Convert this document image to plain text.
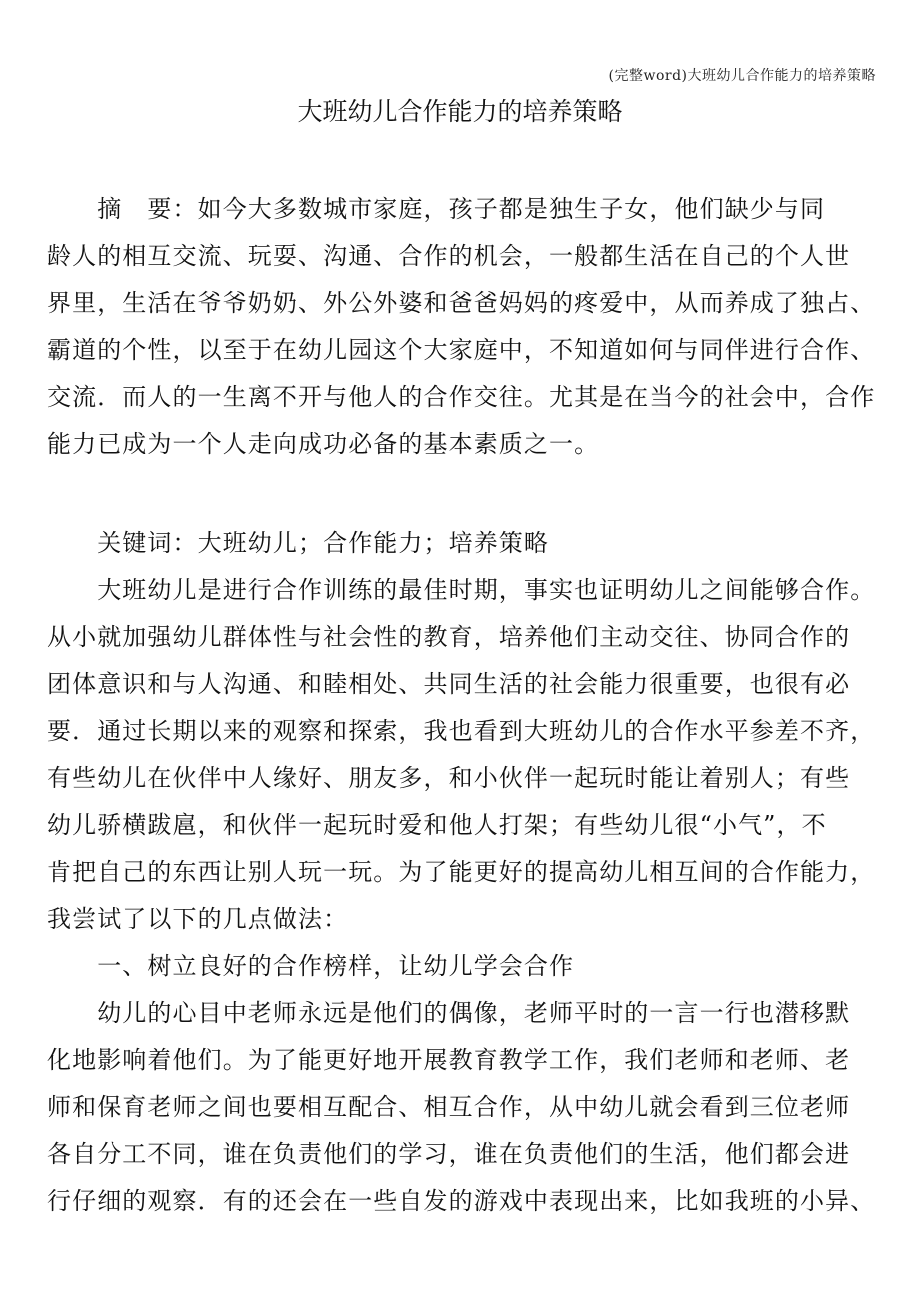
(完整word)大班幼儿合作能力的培养策略
大班幼儿合作能力的培养策略
　　摘　要：如今大多数城市家庭，孩子都是独生子女，他们缺少与同
龄人的相互交流、玩耍、沟通、合作的机会，一般都生活在自己的个人世
界里，生活在爷爷奶奶、外公外婆和爸爸妈妈的疼爱中，从而养成了独占、
霸道的个性，以至于在幼儿园这个大家庭中，不知道如何与同伴进行合作、
交流．而人的一生离不开与他人的合作交往。尤其是在当今的社会中，合作
能力已成为一个人走向成功必备的基本素质之一。
　　关键词：大班幼儿；合作能力；培养策略
　　大班幼儿是进行合作训练的最佳时期，事实也证明幼儿之间能够合作。
从小就加强幼儿群体性与社会性的教育，培养他们主动交往、协同合作的
团体意识和与人沟通、和睦相处、共同生活的社会能力很重要，也很有必
要．通过长期以来的观察和探索，我也看到大班幼儿的合作水平参差不齐，
有些幼儿在伙伴中人缘好、朋友多，和小伙伴一起玩时能让着别人；有些
幼儿骄横跋扈，和伙伴一起玩时爱和他人打架；有些幼儿很“小气”，不
肯把自己的东西让别人玩一玩。为了能更好的提高幼儿相互间的合作能力，
我尝试了以下的几点做法：
　　一、树立良好的合作榜样，让幼儿学会合作
　　幼儿的心目中老师永远是他们的偶像，老师平时的一言一行也潜移默
化地影响着他们。为了能更好地开展教育教学工作，我们老师和老师、老
师和保育老师之间也要相互配合、相互合作，从中幼儿就会看到三位老师
各自分工不同，谁在负责他们的学习，谁在负责他们的生活，他们都会进
行仔细的观察．有的还会在一些自发的游戏中表现出来，比如我班的小异、
